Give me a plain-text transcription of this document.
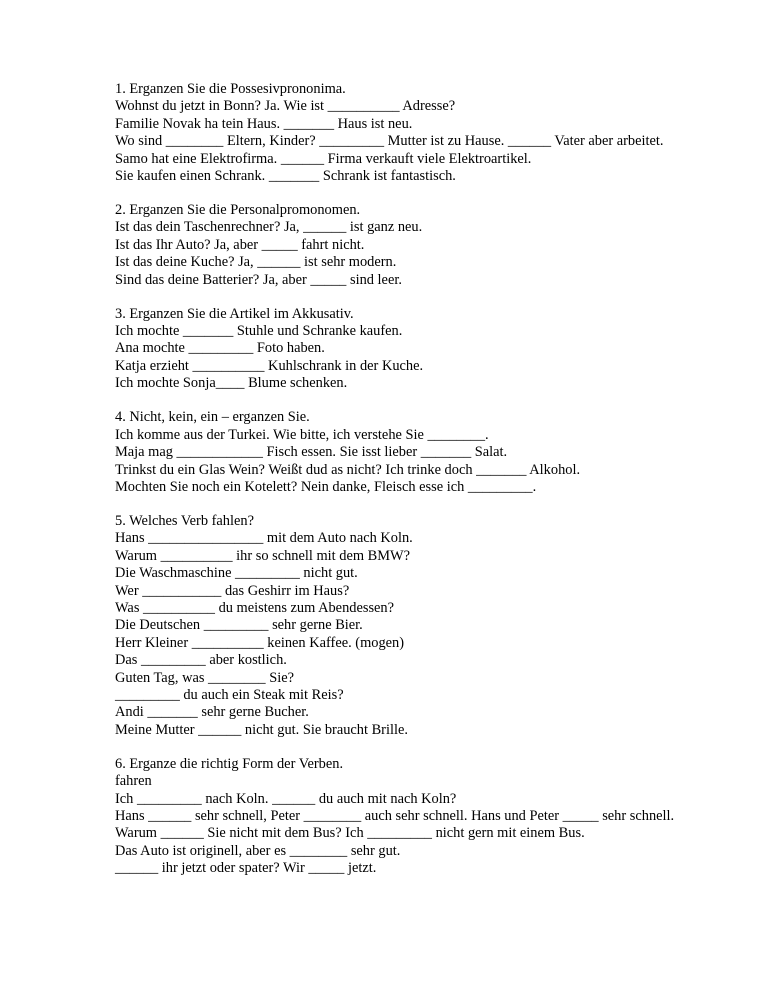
1. Erganzen Sie die Possesivprononima.
Wohnst du jetzt in Bonn? Ja. Wie ist __________ Adresse?
Familie Novak ha tein Haus. _______ Haus ist neu.
Wo sind ________ Eltern, Kinder? _________ Mutter ist zu Hause. ______ Vater aber arbeitet.
Samo hat eine Elektrofirma. ______ Firma verkauft viele Elektroartikel.
Sie kaufen einen Schrank. _______ Schrank ist fantastisch.
2. Erganzen Sie die Personalpromonomen.
Ist das dein Taschenrechner? Ja, ______ ist ganz neu.
Ist das Ihr Auto? Ja, aber _____ fahrt nicht.
Ist das deine Kuche? Ja, ______ ist sehr modern.
Sind das deine Batterier? Ja, aber _____ sind leer.
3. Erganzen Sie die Artikel im Akkusativ.
Ich mochte _______ Stuhle und Schranke kaufen.
Ana mochte _________ Foto haben.
Katja erzieht __________ Kuhlschrank in der Kuche.
Ich mochte Sonja____ Blume schenken.
4. Nicht, kein, ein – erganzen Sie.
Ich komme aus der Turkei. Wie bitte, ich verstehe Sie ________.
Maja mag ____________ Fisch essen. Sie isst lieber _______ Salat.
Trinkst du ein Glas Wein? Weißt dud as nicht? Ich trinke doch _______ Alkohol.
Mochten Sie noch ein Kotelett? Nein danke, Fleisch esse ich _________.
5. Welches Verb fahlen?
Hans ________________ mit dem Auto nach Koln.
Warum __________ ihr so schnell mit dem BMW?
Die Waschmaschine _________ nicht gut.
Wer ___________ das Geshirr im Haus?
Was __________ du meistens zum Abendessen?
Die Deutschen _________ sehr gerne Bier.
Herr Kleiner __________ keinen Kaffee. (mogen)
Das _________ aber kostlich.
Guten Tag, was ________ Sie?
_________ du auch ein Steak mit Reis?
Andi _______ sehr gerne Bucher.
Meine Mutter ______ nicht gut. Sie braucht Brille.
6. Erganze die richtig Form der Verben.
fahren
Ich _________ nach Koln. ______ du auch mit nach Koln?
Hans ______ sehr schnell, Peter ________ auch sehr schnell. Hans und Peter _____ sehr schnell.
Warum ______ Sie nicht mit dem Bus? Ich _________ nicht gern mit einem Bus.
Das Auto ist originell, aber es ________ sehr gut.
______ ihr jetzt oder spater? Wir _____ jetzt.
